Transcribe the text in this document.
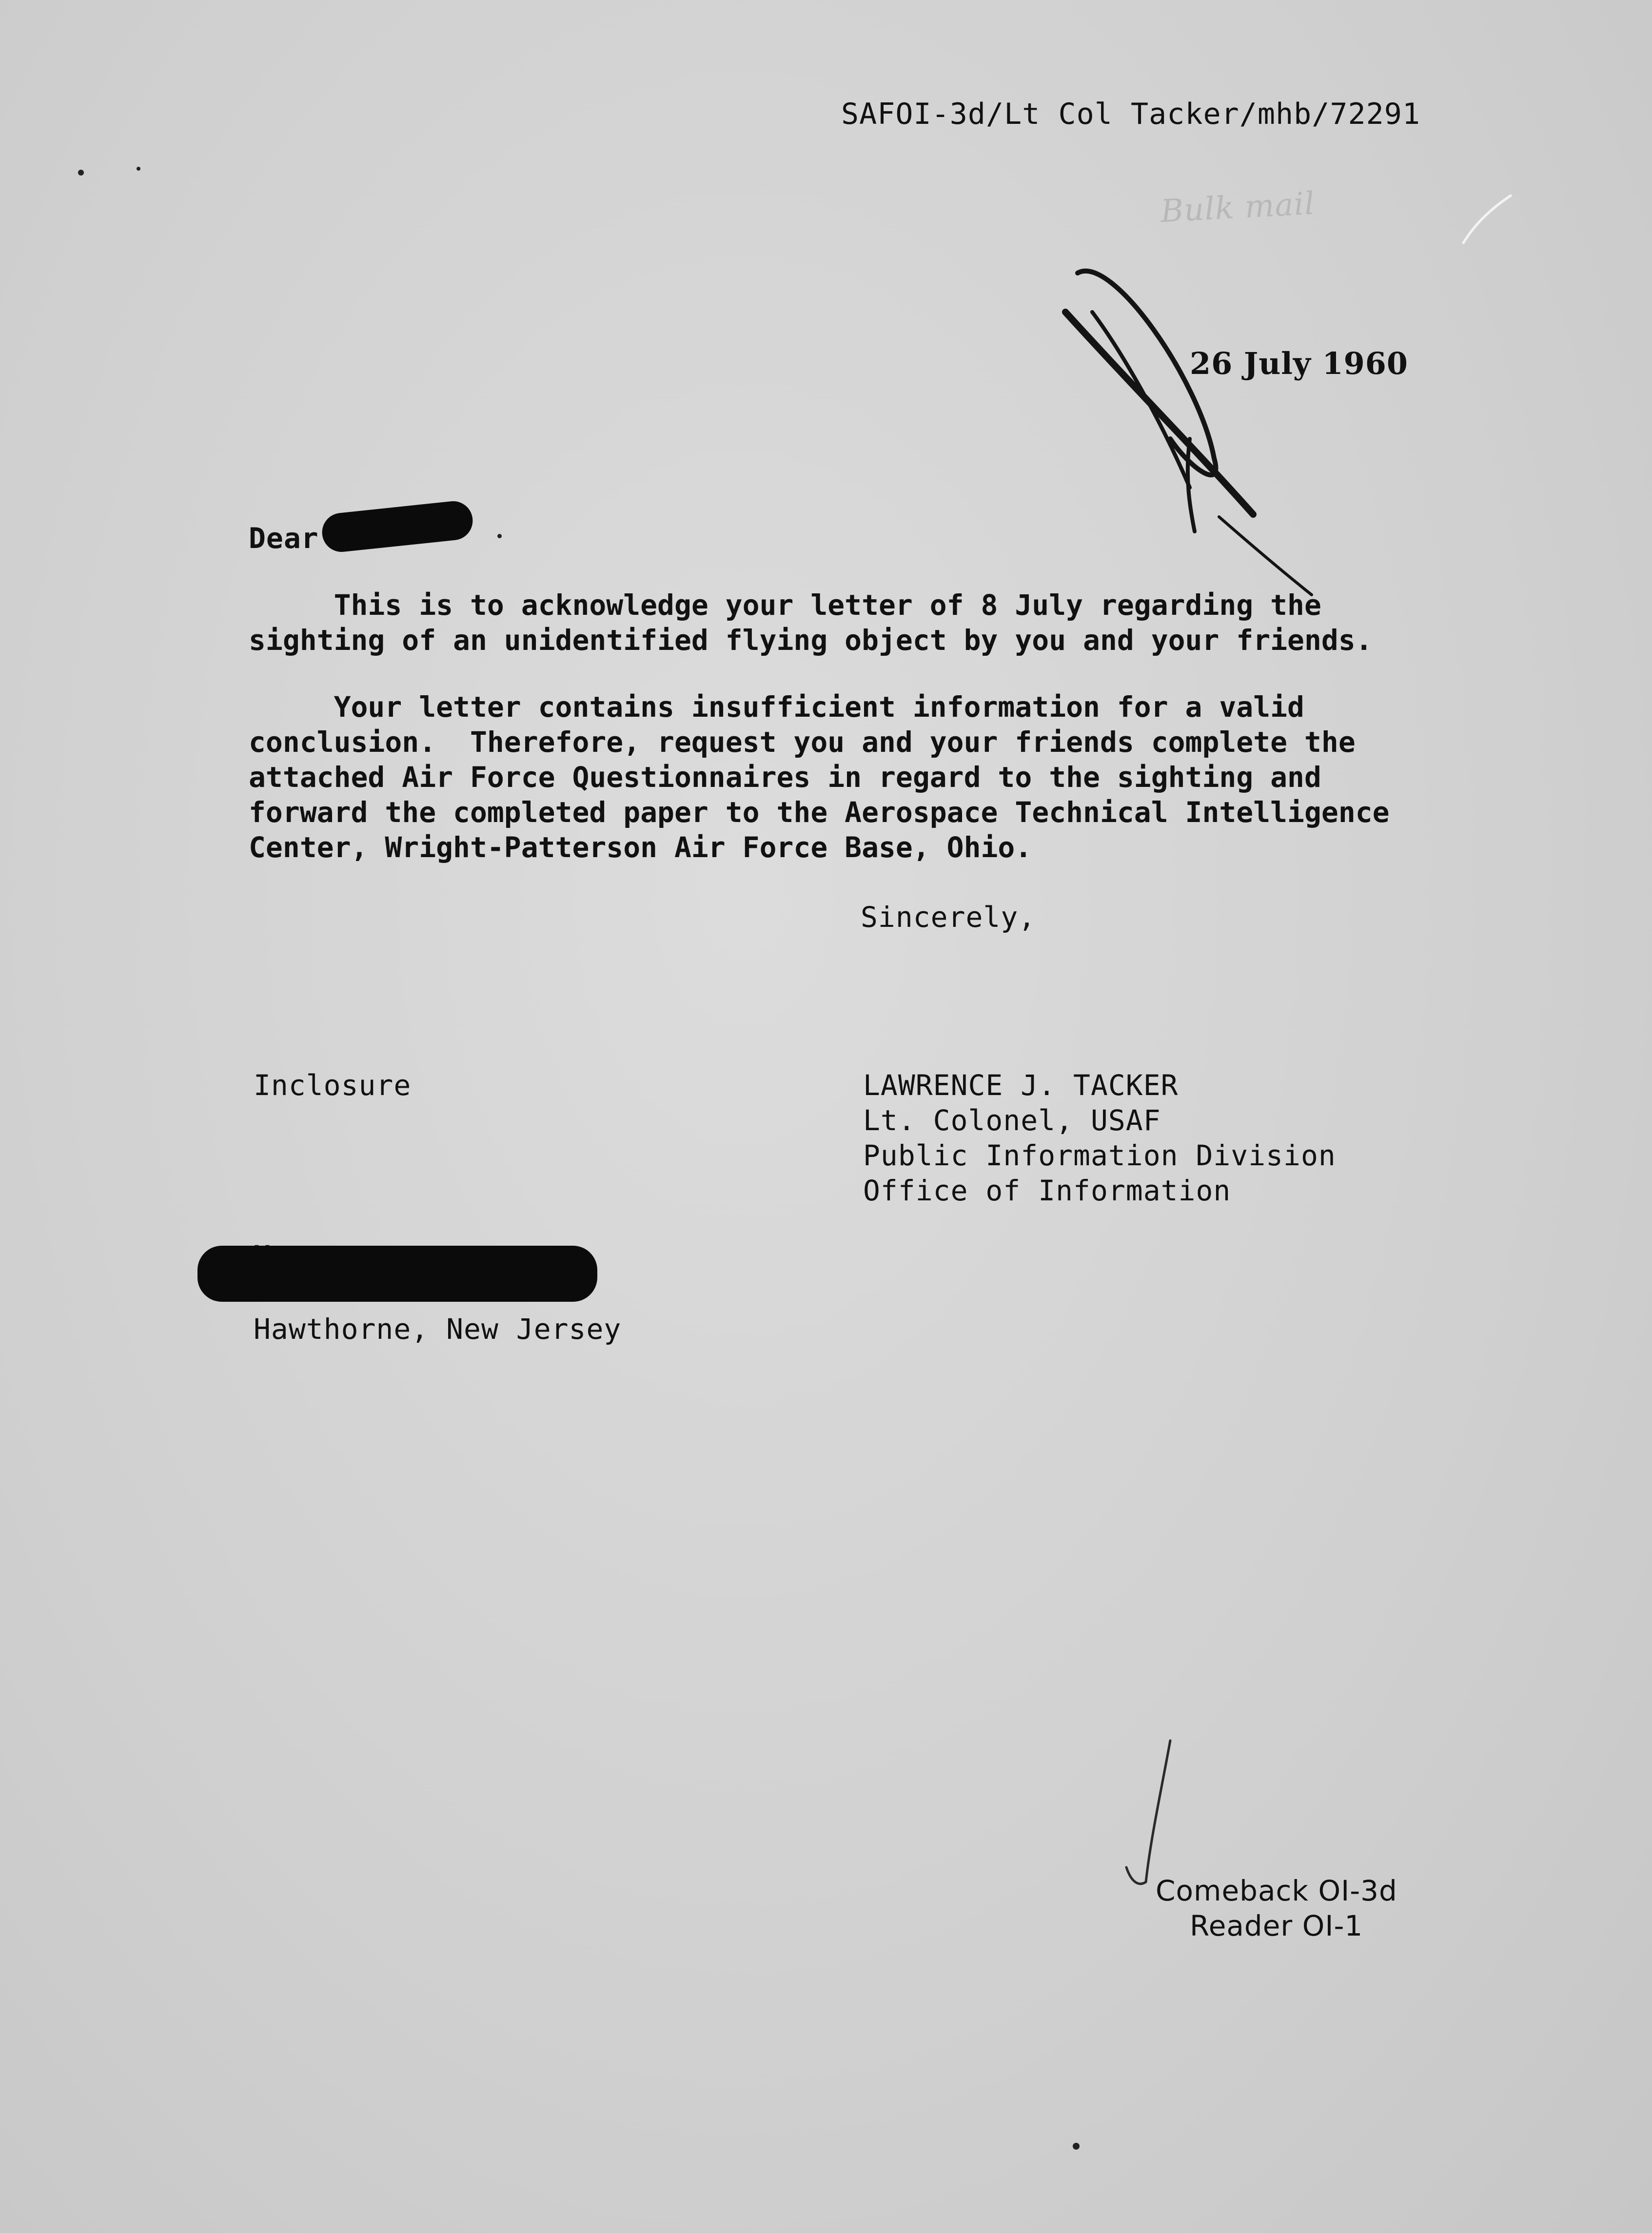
SAFOI-3d/Lt Col Tacker/mhb/72291
Bulk mail
26 July 1960
Dear
This is to acknowledge your letter of 8 July regarding the
sighting of an unidentified flying object by you and your friends.
Your letter contains insufficient information for a valid
conclusion.  Therefore, request you and your friends complete the
attached Air Force Questionnaires in regard to the sighting and
forward the completed paper to the Aerospace Technical Intelligence
Center, Wright-Patterson Air Force Base, Ohio.
Sincerely,
Inclosure	LAWRENCE J. TACKER
Lt. Colonel, USAF
Public Information Division
Office of Information
Hawthorne, New Jersey
Comeback OI-3d
Reader OI-1
